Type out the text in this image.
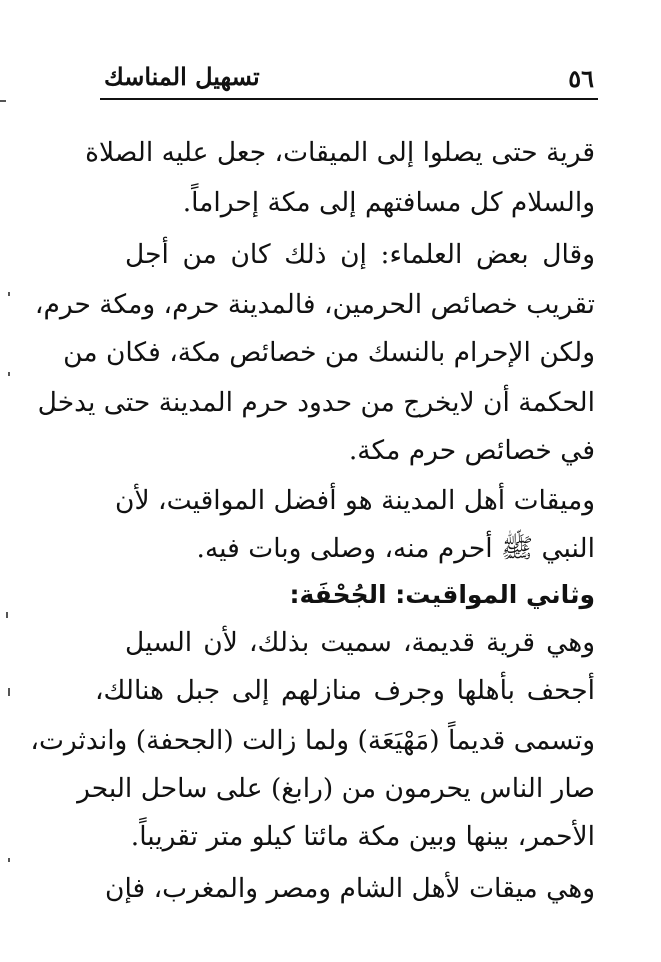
تسهيل المناسك	٥٦
قرية حتى يصلوا إلى الميقات، جعل عليه الصلاة
والسلام كل مسافتهم إلى مكة إحراماً.
وقال بعض العلماء: إن ذلك كان من أجل
تقريب خصائص الحرمين، فالمدينة حرم، ومكة حرم،
ولكن الإحرام بالنسك من خصائص مكة، فكان من
الحكمة أن لايخرج من حدود حرم المدينة حتى يدخل
في خصائص حرم مكة.
وميقات أهل المدينة هو أفضل المواقيت، لأن
النبي ﷺ أحرم منه، وصلى وبات فيه.
وثاني المواقيت: الجُحْفَة:
وهي قرية قديمة، سميت بذلك، لأن السيل
أجحف بأهلها وجرف منازلهم إلى جبل هنالك،
وتسمى قديماً (مَهْيَعَة) ولما زالت (الجحفة) واندثرت،
صار الناس يحرمون من (رابغ) على ساحل البحر
الأحمر، بينها وبين مكة مائتا كيلو متر تقريباً.
وهي ميقات لأهل الشام ومصر والمغرب، فإن
